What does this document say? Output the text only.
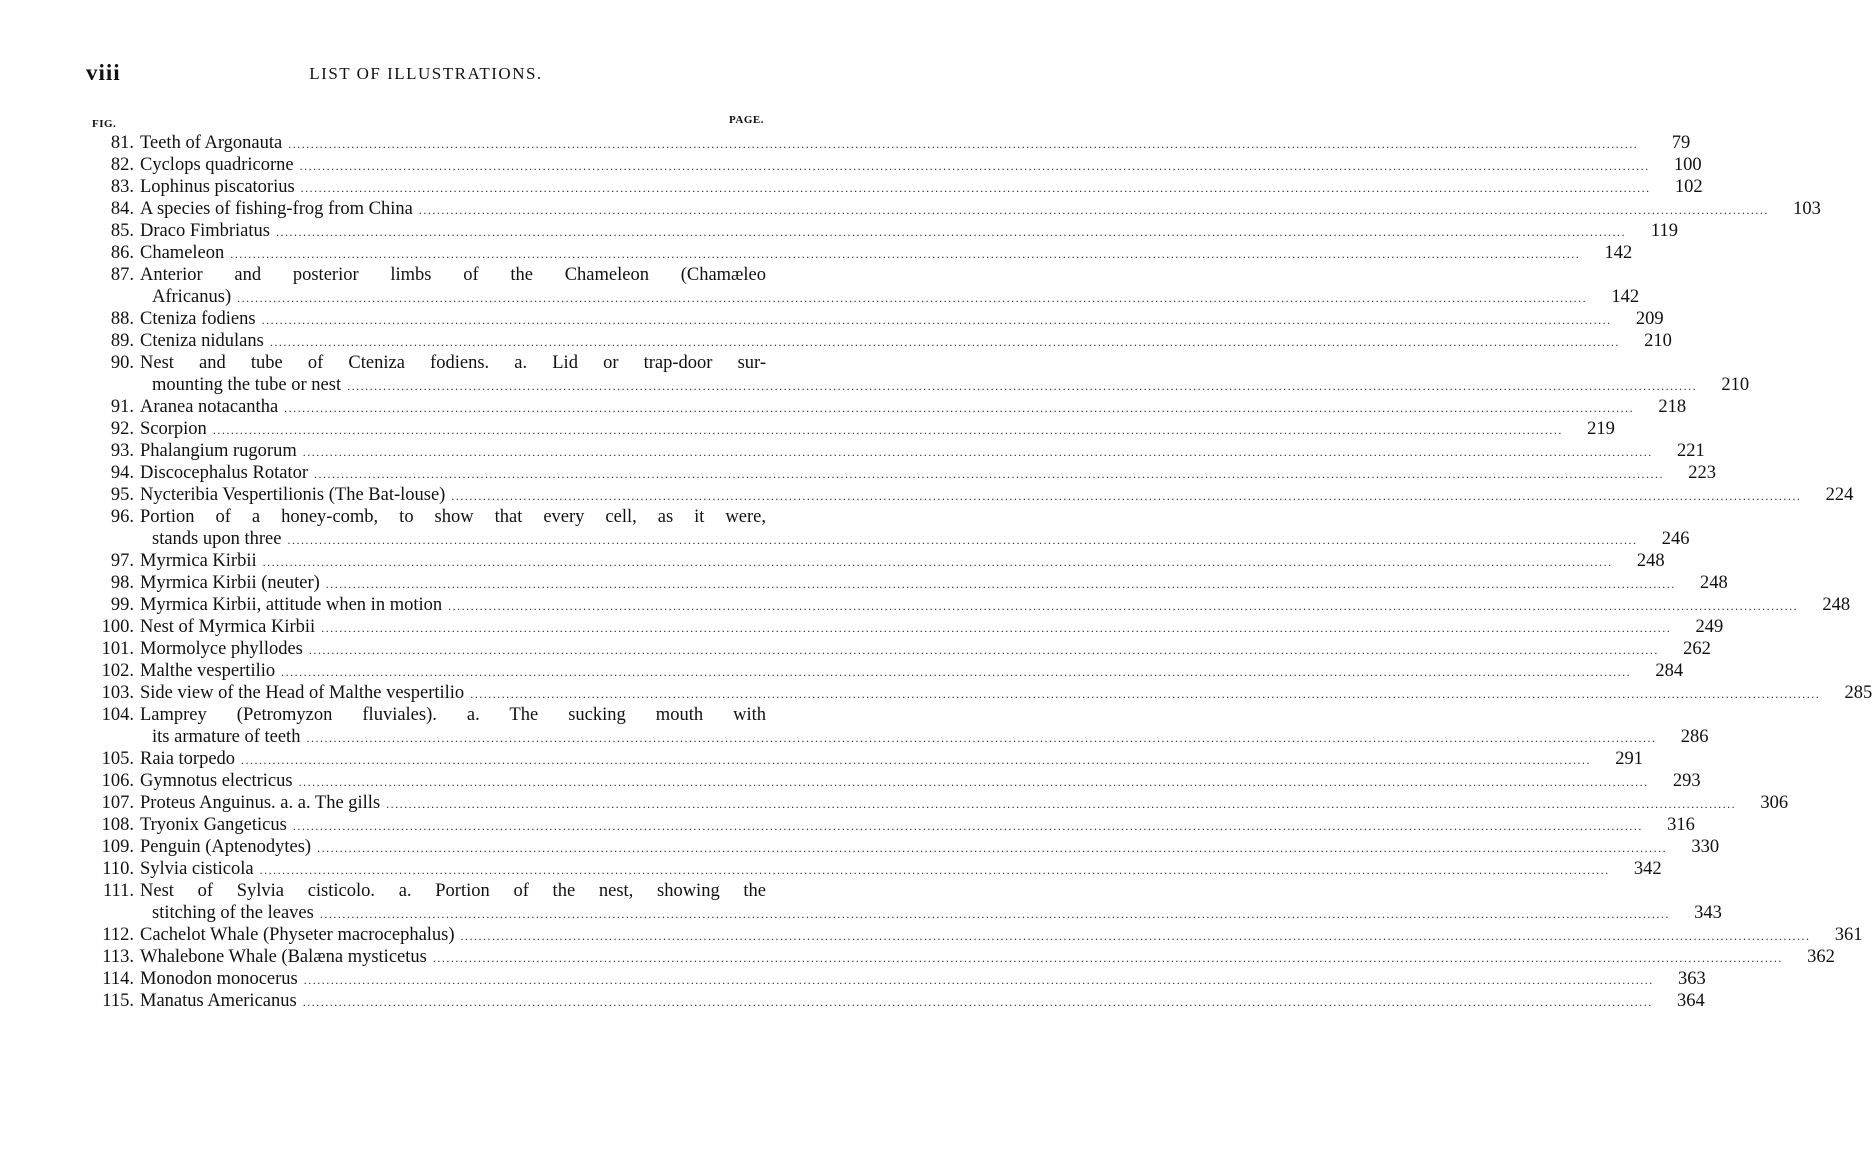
viii	LIST OF ILLUSTRATIONS.
FIG.	PAGE.
81. Teeth of Argonauta ............................................................................................................................................................................................................................................................................................................	79
82. Cyclops quadricorne ............................................................................................................................................................................................................................................................................................................	100
83. Lophinus piscatorius ............................................................................................................................................................................................................................................................................................................	102
84. A species of fishing-frog from China ............................................................................................................................................................................................................................................................................................................	103
85. Draco Fimbriatus ............................................................................................................................................................................................................................................................................................................	119
86. Chameleon ............................................................................................................................................................................................................................................................................................................	142
87. Anterior and posterior limbs of the Chameleon (Chamæleo
Africanus) ............................................................................................................................................................................................................................................................................................................	142
88. Cteniza fodiens ............................................................................................................................................................................................................................................................................................................	209
89. Cteniza nidulans ............................................................................................................................................................................................................................................................................................................	210
90. Nest and tube of Cteniza fodiens. a. Lid or trap-door sur-
mounting the tube or nest ............................................................................................................................................................................................................................................................................................................	210
91. Aranea notacantha ............................................................................................................................................................................................................................................................................................................	218
92. Scorpion ............................................................................................................................................................................................................................................................................................................	219
93. Phalangium rugorum ............................................................................................................................................................................................................................................................................................................	221
94. Discocephalus Rotator ............................................................................................................................................................................................................................................................................................................	223
95. Nycteribia Vespertilionis (The Bat-louse) ............................................................................................................................................................................................................................................................................................................	224
96. Portion of a honey-comb, to show that every cell, as it were,
stands upon three ............................................................................................................................................................................................................................................................................................................	246
97. Myrmica Kirbii ............................................................................................................................................................................................................................................................................................................	248
98. Myrmica Kirbii (neuter) ............................................................................................................................................................................................................................................................................................................	248
99. Myrmica Kirbii, attitude when in motion ............................................................................................................................................................................................................................................................................................................	248
100. Nest of Myrmica Kirbii ............................................................................................................................................................................................................................................................................................................	249
101. Mormolyce phyllodes ............................................................................................................................................................................................................................................................................................................	262
102. Malthe vespertilio ............................................................................................................................................................................................................................................................................................................	284
103. Side view of the Head of Malthe vespertilio ............................................................................................................................................................................................................................................................................................................	285
104. Lamprey (Petromyzon fluviales). a. The sucking mouth with
its armature of teeth ............................................................................................................................................................................................................................................................................................................	286
105. Raia torpedo ............................................................................................................................................................................................................................................................................................................	291
106. Gymnotus electricus ............................................................................................................................................................................................................................................................................................................	293
107. Proteus Anguinus. a. a. The gills ............................................................................................................................................................................................................................................................................................................	306
108. Tryonix Gangeticus ............................................................................................................................................................................................................................................................................................................	316
109. Penguin (Aptenodytes) ............................................................................................................................................................................................................................................................................................................	330
110. Sylvia cisticola ............................................................................................................................................................................................................................................................................................................	342
111. Nest of Sylvia cisticolo. a. Portion of the nest, showing the
stitching of the leaves ............................................................................................................................................................................................................................................................................................................	343
112. Cachelot Whale (Physeter macrocephalus) ............................................................................................................................................................................................................................................................................................................	361
113. Whalebone Whale (Balæna mysticetus ............................................................................................................................................................................................................................................................................................................	362
114. Monodon monocerus ............................................................................................................................................................................................................................................................................................................	363
115. Manatus Americanus ............................................................................................................................................................................................................................................................................................................	364
